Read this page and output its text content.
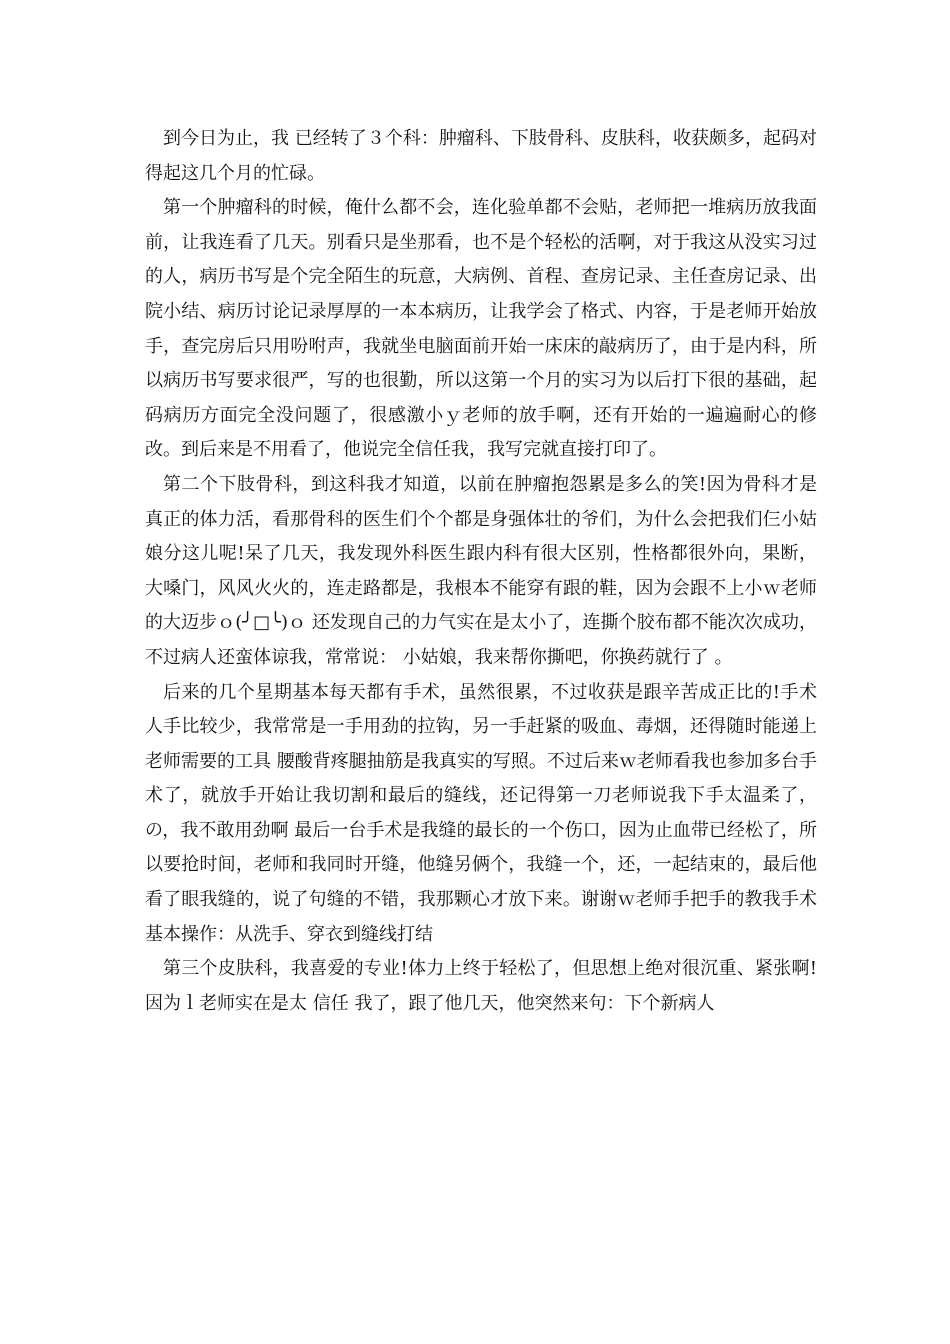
到今日为止，我 已经转了３个科：肿瘤科、下肢骨科、皮肤科，收获颇多，起码对得起这几个月的忙碌。

第一个肿瘤科的时候，俺什么都不会，连化验单都不会贴，老师把一堆病历放我面前，让我连看了几天。别看只是坐那看，也不是个轻松的活啊，对于我这从没实习过的人，病历书写是个完全陌生的玩意，大病例、首程、查房记录、主任查房记录、出院小结、病历讨论记录厚厚的一本本病历，让我学会了格式、内容，于是老师开始放手，查完房后只用吩咐声，我就坐电脑面前开始一床床的敲病历了，由于是内科，所以病历书写要求很严，写的也很勤，所以这第一个月的实习为以后打下很的基础，起码病历方面完全没问题了，很感激小ｙ老师的放手啊，还有开始的一遍遍耐心的修改。到后来是不用看了，他说完全信任我，我写完就直接打印了。

第二个下肢骨科，到这科我才知道，以前在肿瘤抱怨累是多么的笑!因为骨科才是真正的体力活，看那骨科的医生们个个都是身强体壮的爷们，为什么会把我们仨小姑娘分这儿呢!呆了几天，我发现外科医生跟内科有很大区别，性格都很外向，果断，大嗓门，风风火火的，连走路都是，我根本不能穿有跟的鞋，因为会跟不上小ｗ老师的大迈步ｏ(╯□╰)ｏ 还发现自己的力气实在是太小了，连撕个胶布都不能次次成功，不过病人还蛮体谅我，常常说： 小姑娘，我来帮你撕吧，你换药就行了 。

后来的几个星期基本每天都有手术，虽然很累，不过收获是跟辛苦成正比的!手术人手比较少，我常常是一手用劲的拉钩，另一手赶紧的吸血、毒烟，还得随时能递上老师需要的工具 腰酸背疼腿抽筋是我真实的写照。不过后来ｗ老师看我也参加多台手术了，就放手开始让我切割和最后的缝线，还记得第一刀老师说我下手太温柔了，の，我不敢用劲啊 最后一台手术是我缝的最长的一个伤口，因为止血带已经松了，所以要抢时间，老师和我同时开缝，他缝另俩个，我缝一个，还，一起结束的，最后他看了眼我缝的，说了句缝的不错，我那颗心才放下来。谢谢ｗ老师手把手的教我手术基本操作：从洗手、穿衣到缝线打结

第三个皮肤科，我喜爱的专业!体力上终于轻松了，但思想上绝对很沉重、紧张啊!因为ｌ老师实在是太 信任 我了，跟了他几天，他突然来句：下个新病人
